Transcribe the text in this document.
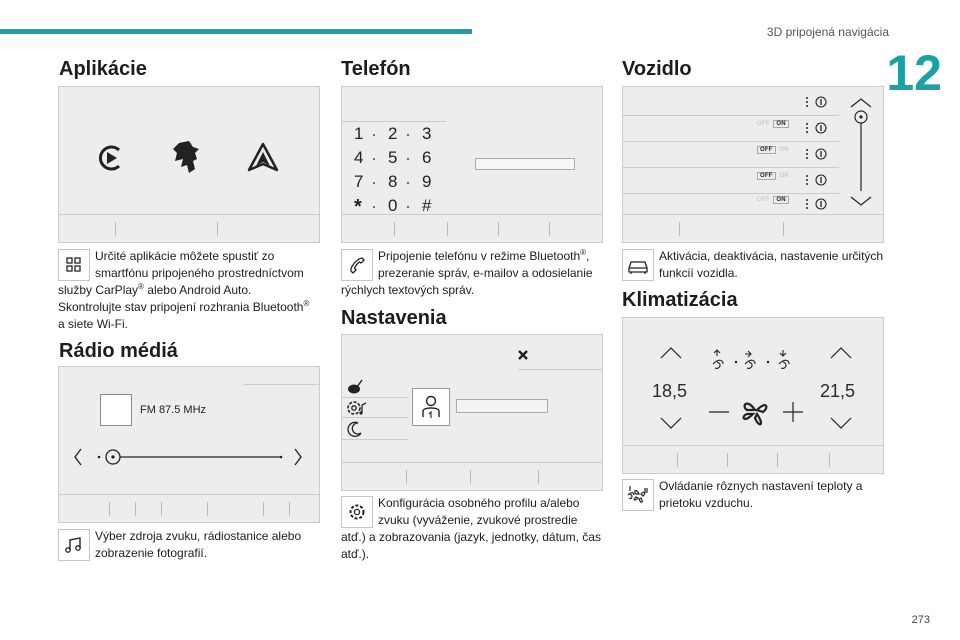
3D pripojená navigácia
12
Aplikácie
Určité aplikácie môžete spustiť zo
smartfónu pripojeného prostredníctvom
služby CarPlay® alebo Android Auto.
Skontrolujte stav pripojení rozhrania Bluetooth®
a siete Wi-Fi.
Rádio médiá
FM 87.5 MHz
Výber zdroja zvuku, rádiostanice alebo
zobrazenie fotografií.
Telefón
1 2 3
4 5 6
7 8 9
* 0 #
Pripojenie telefónu v režime Bluetooth®,
prezeranie správ, e-mailov a odosielanie
rýchlych textových správ.
Nastavenia
Konfigurácia osobného profilu a/alebo
zvuku (vyváženie, zvukové prostredie
atď.) a zobrazovania (jazyk, jednotky, dátum, čas
atď.).
Vozidlo
OFF ON
OFF ON
OFF ON
OFF ON
Aktivácia, deaktivácia, nastavenie určitých
funkcií vozidla.
Klimatizácia
18,5	21,5
Ovládanie rôznych nastavení teploty a
prietoku vzduchu.
273
